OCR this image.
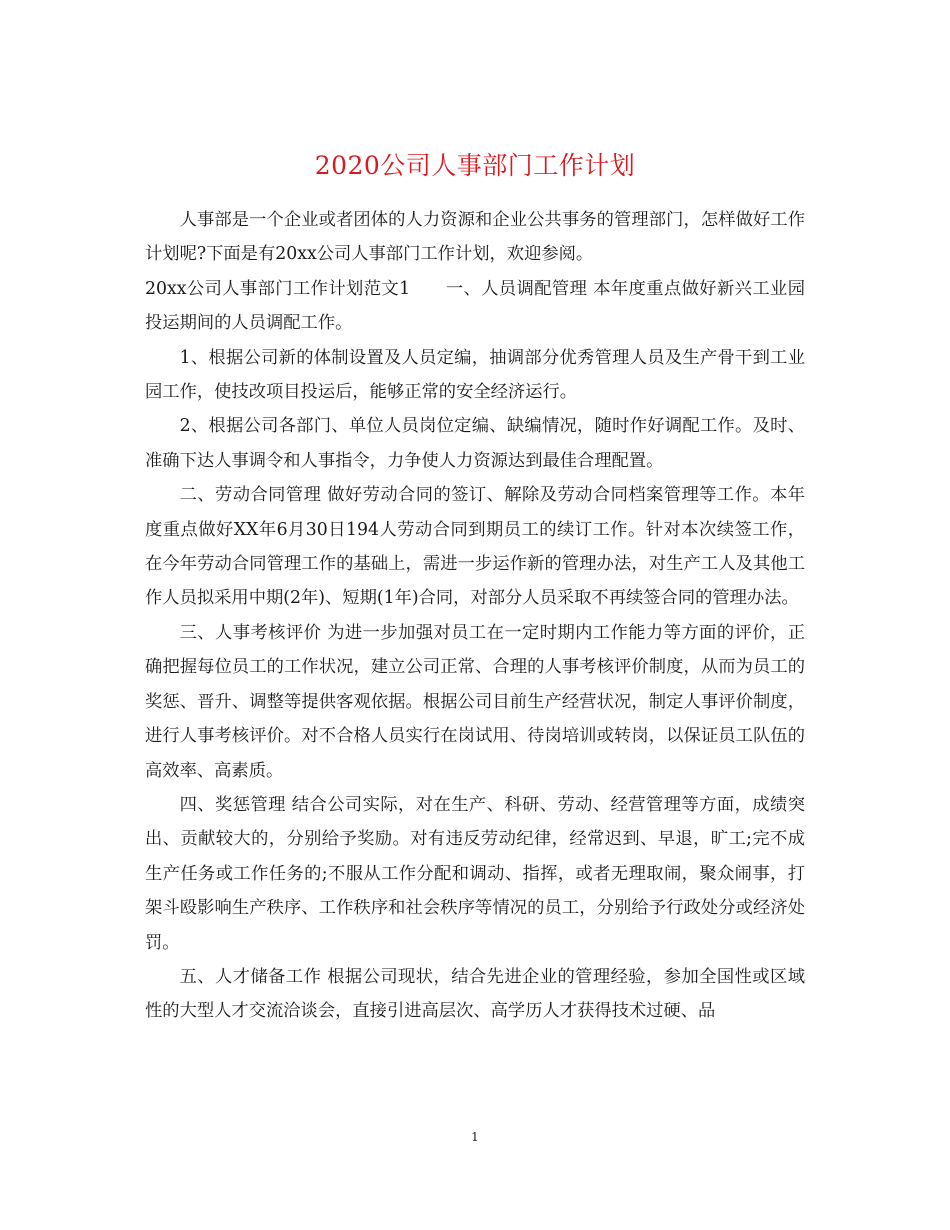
2020公司人事部门工作计划

人事部是一个企业或者团体的人力资源和企业公共事务的管理部门，怎样做好工作计划呢?下面是有20xx公司人事部门工作计划，欢迎参阅。

20xx公司人事部门工作计划范文1　　一、人员调配管理 本年度重点做好新兴工业园投运期间的人员调配工作。

1、根据公司新的体制设置及人员定编，抽调部分优秀管理人员及生产骨干到工业园工作，使技改项目投运后，能够正常的安全经济运行。

2、根据公司各部门、单位人员岗位定编、缺编情况，随时作好调配工作。及时、准确下达人事调令和人事指令，力争使人力资源达到最佳合理配置。

二、劳动合同管理 做好劳动合同的签订、解除及劳动合同档案管理等工作。本年度重点做好XX年6月30日194人劳动合同到期员工的续订工作。针对本次续签工作，在今年劳动合同管理工作的基础上，需进一步运作新的管理办法，对生产工人及其他工作人员拟采用中期(2年)、短期(1年)合同，对部分人员采取不再续签合同的管理办法。

三、人事考核评价 为进一步加强对员工在一定时期内工作能力等方面的评价，正确把握每位员工的工作状况，建立公司正常、合理的人事考核评价制度，从而为员工的奖惩、晋升、调整等提供客观依据。根据公司目前生产经营状况，制定人事评价制度，进行人事考核评价。对不合格人员实行在岗试用、待岗培训或转岗，以保证员工队伍的高效率、高素质。

四、奖惩管理 结合公司实际，对在生产、科研、劳动、经营管理等方面，成绩突出、贡献较大的，分别给予奖励。对有违反劳动纪律，经常迟到、早退，旷工;完不成生产任务或工作任务的;不服从工作分配和调动、指挥，或者无理取闹，聚众闹事，打架斗殴影响生产秩序、工作秩序和社会秩序等情况的员工，分别给予行政处分或经济处罚。

五、人才储备工作 根据公司现状，结合先进企业的管理经验，参加全国性或区域性的大型人才交流洽谈会，直接引进高层次、高学历人才获得技术过硬、品

1
